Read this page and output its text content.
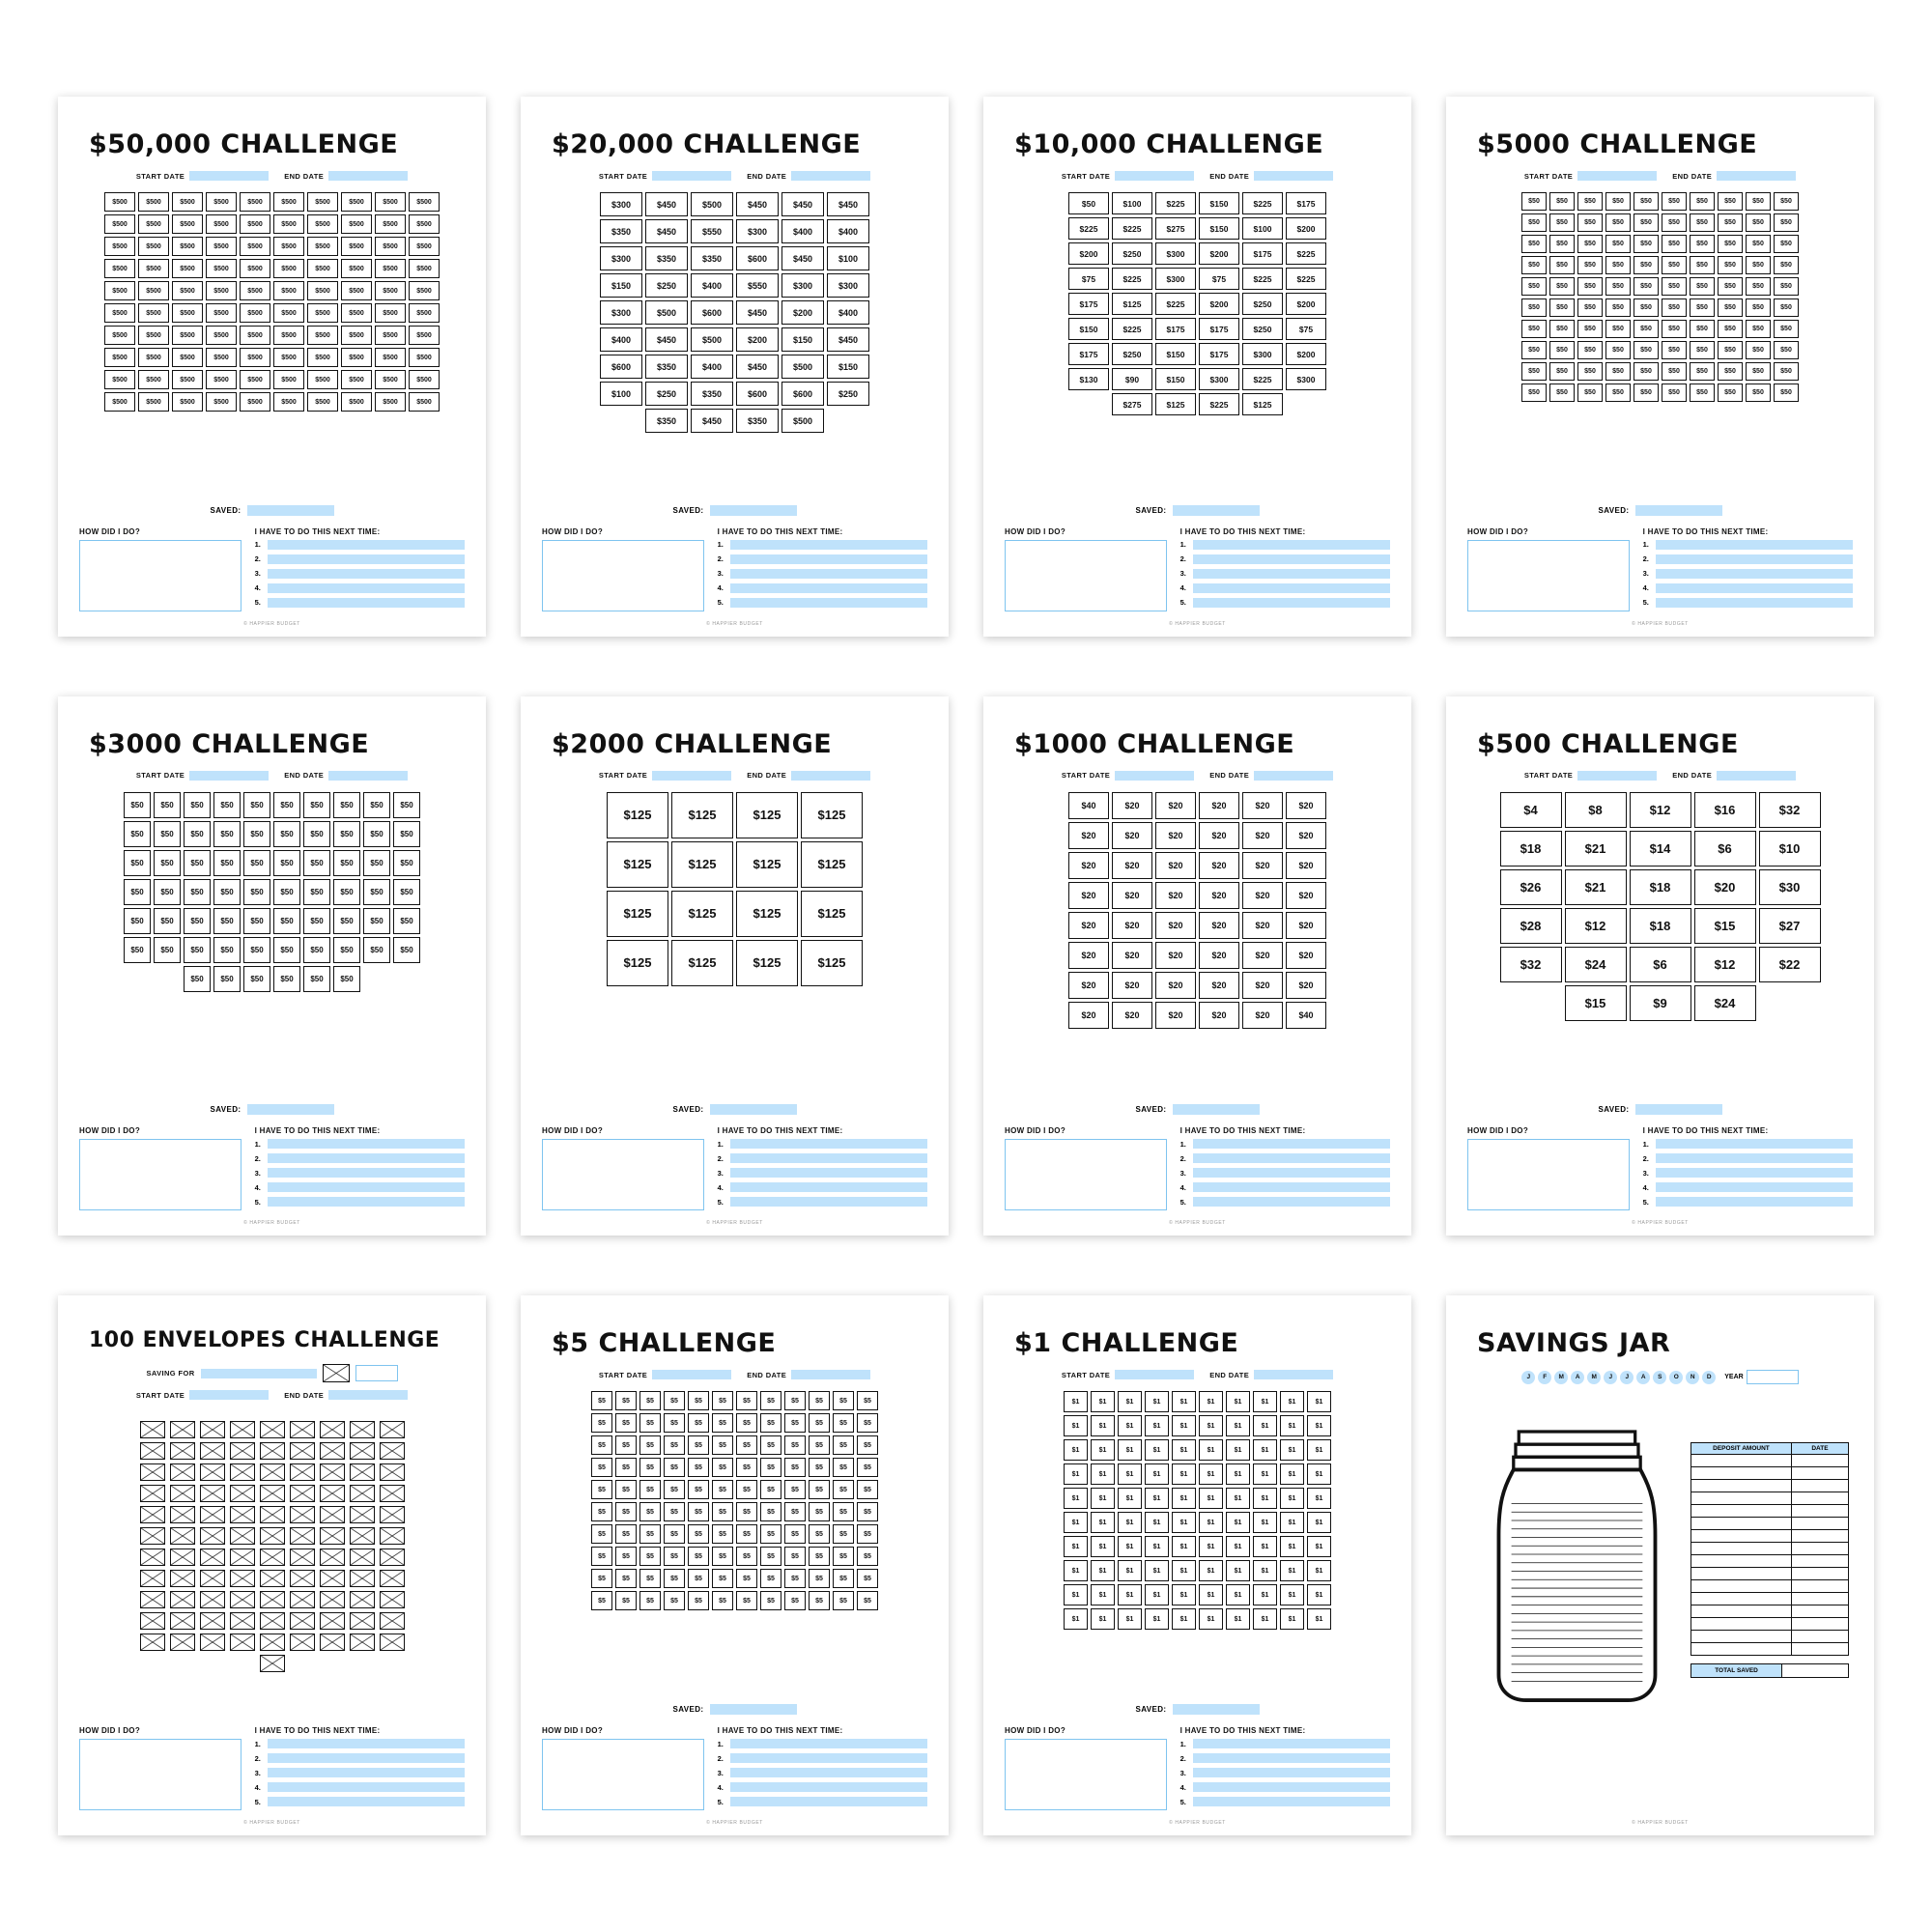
$50,000 CHALLENGE
START DATE	END DATE
$500	$500	$500	$500	$500	$500	$500	$500	$500	$500
$500	$500	$500	$500	$500	$500	$500	$500	$500	$500
$500	$500	$500	$500	$500	$500	$500	$500	$500	$500
$500	$500	$500	$500	$500	$500	$500	$500	$500	$500
$500	$500	$500	$500	$500	$500	$500	$500	$500	$500
$500	$500	$500	$500	$500	$500	$500	$500	$500	$500
$500	$500	$500	$500	$500	$500	$500	$500	$500	$500
$500	$500	$500	$500	$500	$500	$500	$500	$500	$500
$500	$500	$500	$500	$500	$500	$500	$500	$500	$500
$500	$500	$500	$500	$500	$500	$500	$500	$500	$500
SAVED:
HOW DID I DO?	I HAVE TO DO THIS NEXT TIME:
1.
2.
3.
4.
5.
© HAPPIER BUDGET
$20,000 CHALLENGE
START DATE	END DATE
$300	$450	$500	$450	$450	$450
$350	$450	$550	$300	$400	$400
$300	$350	$350	$600	$450	$100
$150	$250	$400	$550	$300	$300
$300	$500	$600	$450	$200	$400
$400	$450	$500	$200	$150	$450
$600	$350	$400	$450	$500	$150
$100	$250	$350	$600	$600	$250
$350	$450	$350	$500
SAVED:
HOW DID I DO?	I HAVE TO DO THIS NEXT TIME:
1.
2.
3.
4.
5.
© HAPPIER BUDGET
$10,000 CHALLENGE
START DATE	END DATE
$50	$100	$225	$150	$225	$175
$225	$225	$275	$150	$100	$200
$200	$250	$300	$200	$175	$225
$75	$225	$300	$75	$225	$225
$175	$125	$225	$200	$250	$200
$150	$225	$175	$175	$250	$75
$175	$250	$150	$175	$300	$200
$130	$90	$150	$300	$225	$300
$275	$125	$225	$125
SAVED:
HOW DID I DO?	I HAVE TO DO THIS NEXT TIME:
1.
2.
3.
4.
5.
© HAPPIER BUDGET
$5000 CHALLENGE
START DATE	END DATE
$50	$50	$50	$50	$50	$50	$50	$50	$50	$50
$50	$50	$50	$50	$50	$50	$50	$50	$50	$50
$50	$50	$50	$50	$50	$50	$50	$50	$50	$50
$50	$50	$50	$50	$50	$50	$50	$50	$50	$50
$50	$50	$50	$50	$50	$50	$50	$50	$50	$50
$50	$50	$50	$50	$50	$50	$50	$50	$50	$50
$50	$50	$50	$50	$50	$50	$50	$50	$50	$50
$50	$50	$50	$50	$50	$50	$50	$50	$50	$50
$50	$50	$50	$50	$50	$50	$50	$50	$50	$50
$50	$50	$50	$50	$50	$50	$50	$50	$50	$50
SAVED:
HOW DID I DO?	I HAVE TO DO THIS NEXT TIME:
1.
2.
3.
4.
5.
© HAPPIER BUDGET
$3000 CHALLENGE
START DATE	END DATE
$50	$50	$50	$50	$50	$50	$50	$50	$50	$50
$50	$50	$50	$50	$50	$50	$50	$50	$50	$50
$50	$50	$50	$50	$50	$50	$50	$50	$50	$50
$50	$50	$50	$50	$50	$50	$50	$50	$50	$50
$50	$50	$50	$50	$50	$50	$50	$50	$50	$50
$50	$50	$50	$50	$50	$50	$50	$50	$50	$50
$50	$50	$50	$50	$50	$50
SAVED:
HOW DID I DO?	I HAVE TO DO THIS NEXT TIME:
1.
2.
3.
4.
5.
© HAPPIER BUDGET
$2000 CHALLENGE
START DATE	END DATE
$125	$125	$125	$125
$125	$125	$125	$125
$125	$125	$125	$125
$125	$125	$125	$125
SAVED:
HOW DID I DO?	I HAVE TO DO THIS NEXT TIME:
1.
2.
3.
4.
5.
© HAPPIER BUDGET
$1000 CHALLENGE
START DATE	END DATE
$40	$20	$20	$20	$20	$20
$20	$20	$20	$20	$20	$20
$20	$20	$20	$20	$20	$20
$20	$20	$20	$20	$20	$20
$20	$20	$20	$20	$20	$20
$20	$20	$20	$20	$20	$20
$20	$20	$20	$20	$20	$20
$20	$20	$20	$20	$20	$40
SAVED:
HOW DID I DO?	I HAVE TO DO THIS NEXT TIME:
1.
2.
3.
4.
5.
© HAPPIER BUDGET
$500 CHALLENGE
START DATE	END DATE
$4	$8	$12	$16	$32
$18	$21	$14	$6	$10
$26	$21	$18	$20	$30
$28	$12	$18	$15	$27
$32	$24	$6	$12	$22
$15	$9	$24
SAVED:
HOW DID I DO?	I HAVE TO DO THIS NEXT TIME:
1.
2.
3.
4.
5.
© HAPPIER BUDGET
100 ENVELOPES CHALLENGE
SAVING FOR
START DATE	END DATE
HOW DID I DO?	I HAVE TO DO THIS NEXT TIME:
1.
2.
3.
4.
5.
© HAPPIER BUDGET
$5 CHALLENGE
START DATE	END DATE
$5	$5	$5	$5	$5	$5	$5	$5	$5	$5	$5	$5
$5	$5	$5	$5	$5	$5	$5	$5	$5	$5	$5	$5
$5	$5	$5	$5	$5	$5	$5	$5	$5	$5	$5	$5
$5	$5	$5	$5	$5	$5	$5	$5	$5	$5	$5	$5
$5	$5	$5	$5	$5	$5	$5	$5	$5	$5	$5	$5
$5	$5	$5	$5	$5	$5	$5	$5	$5	$5	$5	$5
$5	$5	$5	$5	$5	$5	$5	$5	$5	$5	$5	$5
$5	$5	$5	$5	$5	$5	$5	$5	$5	$5	$5	$5
$5	$5	$5	$5	$5	$5	$5	$5	$5	$5	$5	$5
$5	$5	$5	$5	$5	$5	$5	$5	$5	$5	$5	$5
SAVED:
HOW DID I DO?	I HAVE TO DO THIS NEXT TIME:
1.
2.
3.
4.
5.
© HAPPIER BUDGET
$1 CHALLENGE
START DATE	END DATE
$1	$1	$1	$1	$1	$1	$1	$1	$1	$1
$1	$1	$1	$1	$1	$1	$1	$1	$1	$1
$1	$1	$1	$1	$1	$1	$1	$1	$1	$1
$1	$1	$1	$1	$1	$1	$1	$1	$1	$1
$1	$1	$1	$1	$1	$1	$1	$1	$1	$1
$1	$1	$1	$1	$1	$1	$1	$1	$1	$1
$1	$1	$1	$1	$1	$1	$1	$1	$1	$1
$1	$1	$1	$1	$1	$1	$1	$1	$1	$1
$1	$1	$1	$1	$1	$1	$1	$1	$1	$1
$1	$1	$1	$1	$1	$1	$1	$1	$1	$1
SAVED:
HOW DID I DO?	I HAVE TO DO THIS NEXT TIME:
1.
2.
3.
4.
5.
© HAPPIER BUDGET
SAVINGS JAR
J	F	M	A	M	J	J	A	S	O	N	D	YEAR
DEPOSIT AMOUNT	DATE
TOTAL SAVED
© HAPPIER BUDGET
